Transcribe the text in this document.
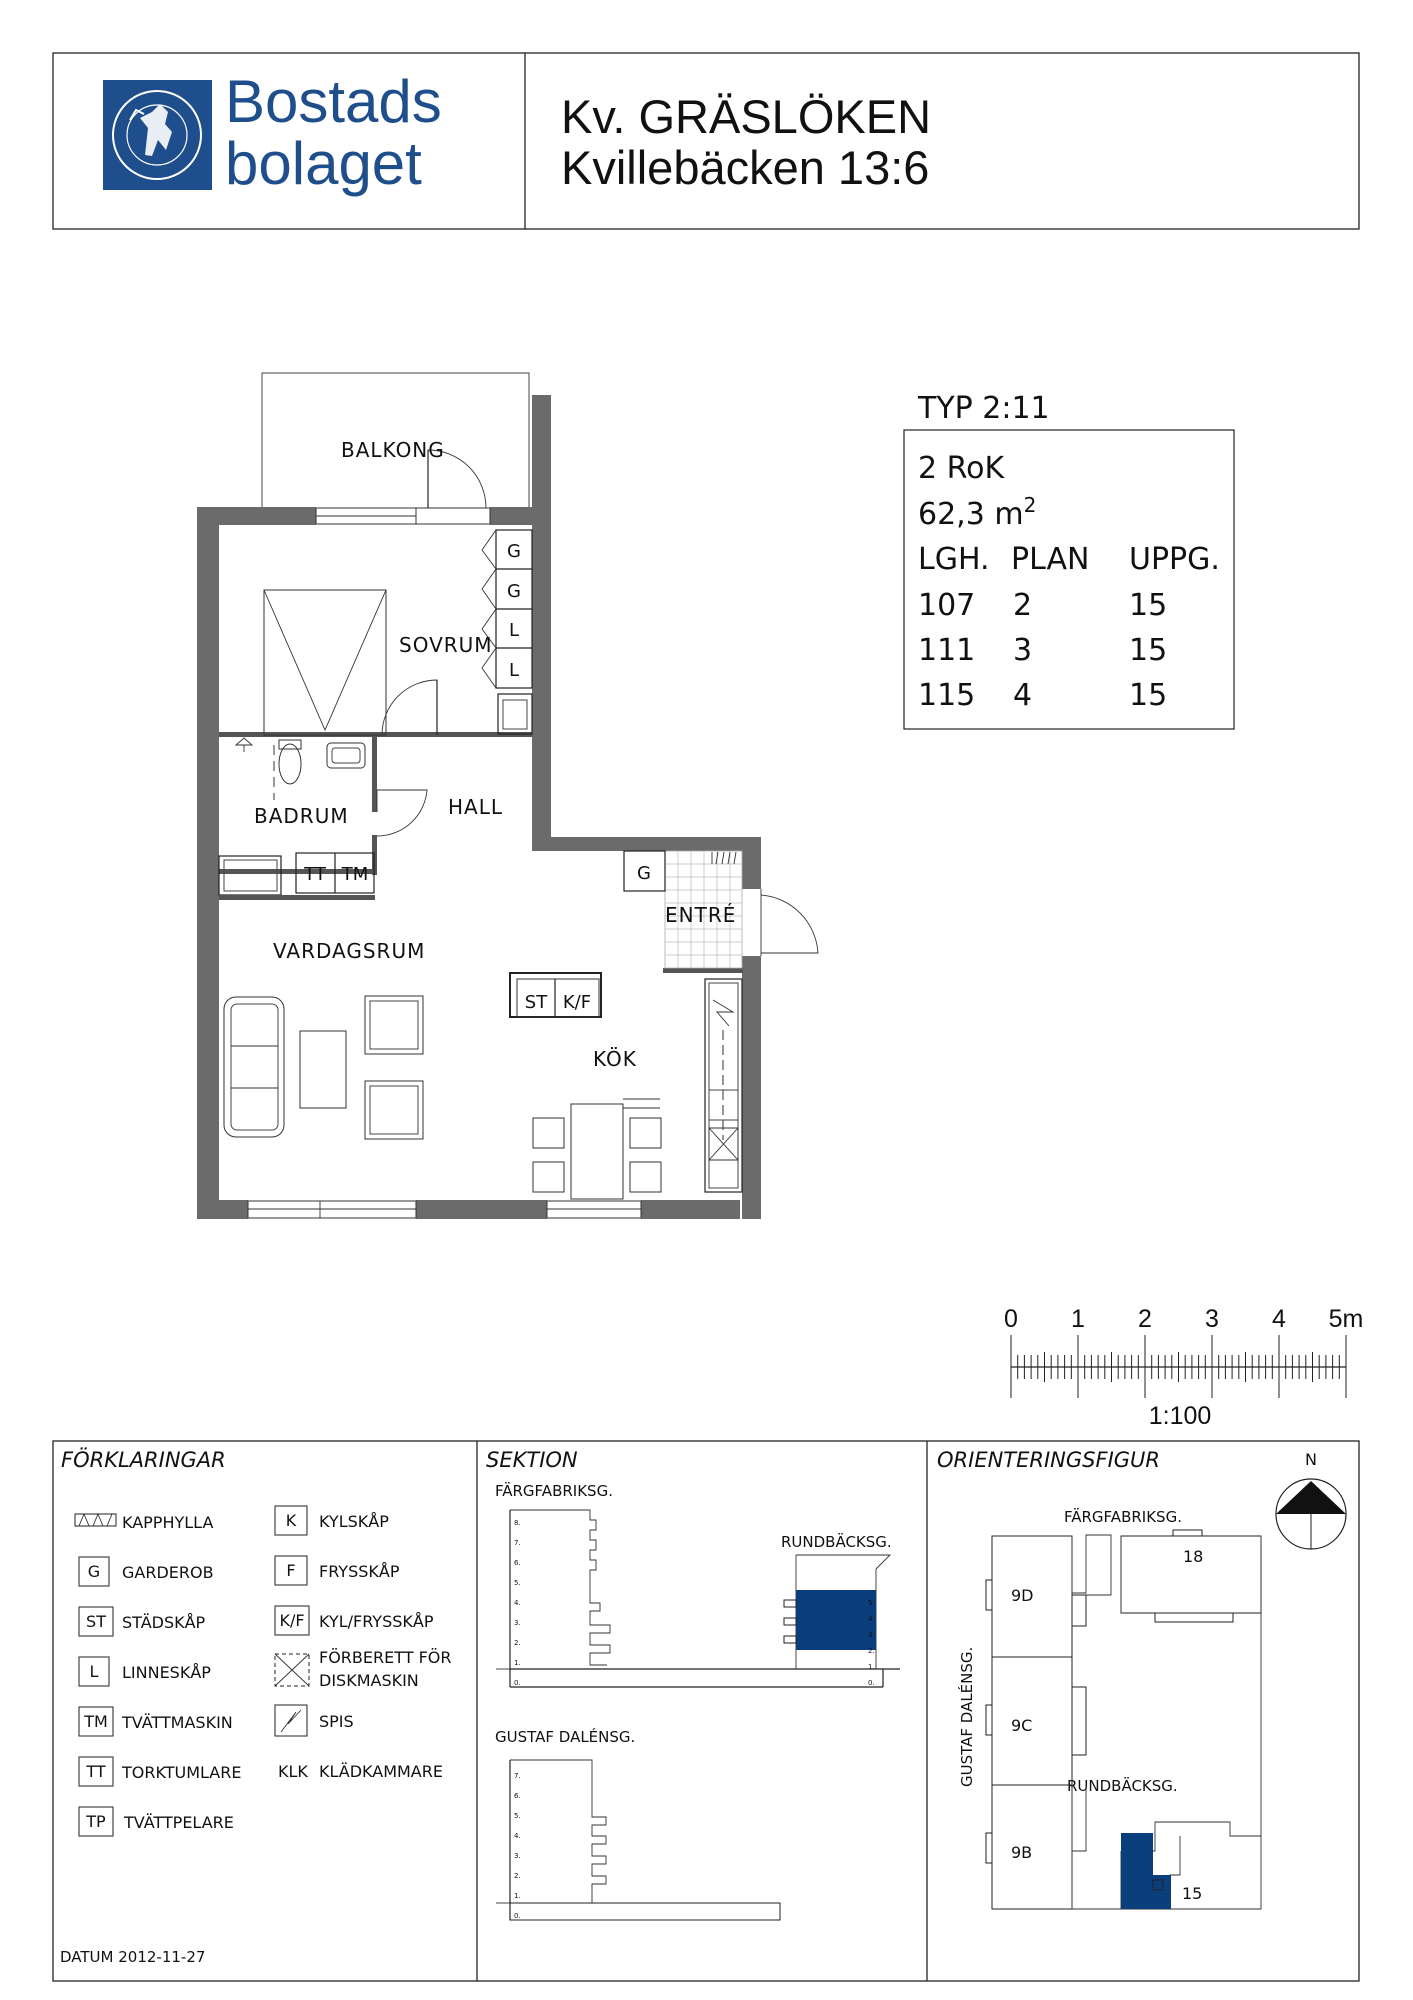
Bostads
bolaget
Kv. GRÄSLÖKEN
Kvillebäcken 13:6
G
G
L
L
TT TM	G
ST K/F
BALKONG
SOVRUM
BADRUM	HALL
ENTRÉ
VARDAGSRUM
KÖK
TYP 2:11
2 RoK
62,3 $m^2$
LGH. PLAN UPPG.
107 2	15
111 3	15
115 4	15
0 1 2 3 4 5m
1:100
FÖRKLARINGAR
KAPPHYLLA
G GARDEROB
ST STÄDSKÅP
L LINNESKÅP
TM TVÄTTMASKIN
TT TORKTUMLARE
TP TVÄTTPELARE
K KYLSKÅP
F FRYSSKÅP
K/F KYL/FRYSSKÅP
FÖRBERETT FÖR
DISKMASKIN
SPIS
KLK KLÄDKAMMARE
SEKTION
FÄRGFABRIKSG.
RUNDBÄCKSG.
GUSTAF DALÉNSG.
ORIENTERINGSFIGUR	N
FÄRGFABRIKSG.
RUNDBÄCKSG.
GUSTAF DALÉNSG.
9D
9C
9B
18
15
0.
1.
2.
3.
4.
5.
6.
7.
8.
0.
1.
2.
3.
4.
5.
0.
1.
2.
3.
4.
5.
6.
7.
DATUM 2012-11-27
